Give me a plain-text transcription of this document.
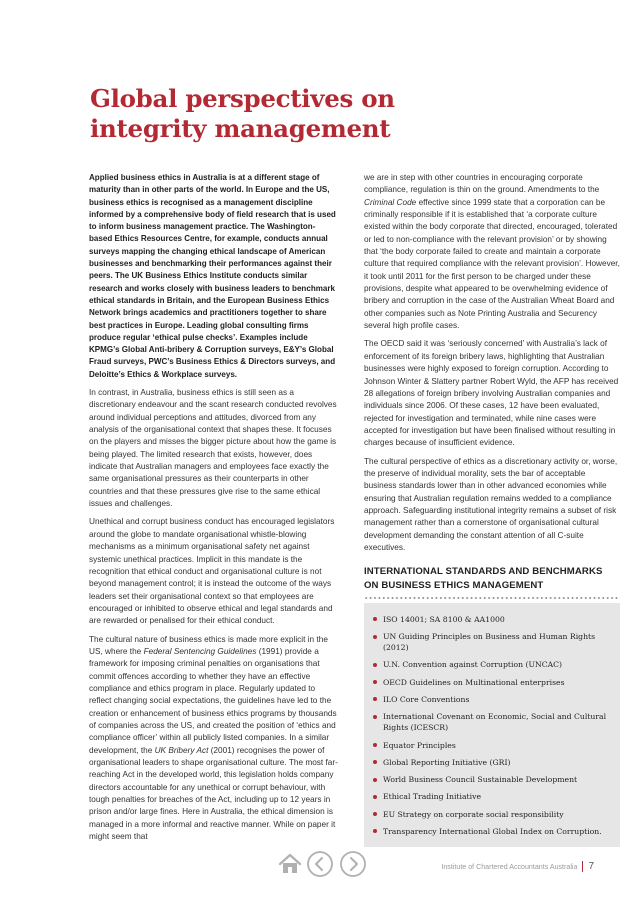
Global perspectives on integrity management

Applied business ethics in Australia is at a different stage of maturity than in other parts of the world. In Europe and the US, business ethics is recognised as a management discipline informed by a comprehensive body of field research that is used to inform business management practice. The Washington-based Ethics Resources Centre, for example, conducts annual surveys mapping the changing ethical landscape of American businesses and benchmarking their performances against their peers. The UK Business Ethics Institute conducts similar research and works closely with business leaders to benchmark ethical standards in Britain, and the European Business Ethics Network brings academics and practitioners together to share best practices in Europe. Leading global consulting firms produce regular ‘ethical pulse checks’. Examples include KPMG’s Global Anti-bribery & Corruption surveys, E&Y’s Global Fraud surveys, PWC’s Business Ethics & Directors surveys, and Deloitte’s Ethics & Workplace surveys.

In contrast, in Australia, business ethics is still seen as a discretionary endeavour and the scant research conducted revolves around individual perceptions and attitudes, divorced from any analysis of the organisational context that shapes these. It focuses on the players and misses the bigger picture about how the game is being played. The limited research that exists, however, does indicate that Australian managers and employees face exactly the same organisational pressures as their counterparts in other countries and that these pressures give rise to the same ethical issues and challenges.

Unethical and corrupt business conduct has encouraged legislators around the globe to mandate organisational whistle-blowing mechanisms as a minimum organisational safety net against systemic unethical practices. Implicit in this mandate is the recognition that ethical conduct and organisational culture is not beyond management control; it is instead the outcome of the ways leaders set their organisational context so that employees are encouraged or inhibited to observe ethical and legal standards and are rewarded or penalised for their ethical conduct.

The cultural nature of business ethics is made more explicit in the US, where the Federal Sentencing Guidelines (1991) provide a framework for imposing criminal penalties on organisations that commit offences according to whether they have an effective compliance and ethics program in place. Regularly updated to reflect changing social expectations, the guidelines have led to the creation or enhancement of business ethics programs by thousands of companies across the US, and created the position of ‘ethics and compliance officer’ within all publicly listed companies. In a similar development, the UK Bribery Act (2001) recognises the power of organisational leaders to shape organisational culture. The most far-reaching Act in the developed world, this legislation holds company directors accountable for any unethical or corrupt behaviour, with tough penalties for breaches of the Act, including up to 12 years in prison and/or large fines. Here in Australia, the ethical dimension is managed in a more informal and reactive manner. While on paper it might seem that

we are in step with other countries in encouraging corporate compliance, regulation is thin on the ground. Amendments to the Criminal Code effective since 1999 state that a corporation can be criminally responsible if it is established that ‘a corporate culture existed within the body corporate that directed, encouraged, tolerated or led to non-compliance with the relevant provision’ or by showing that ‘the body corporate failed to create and maintain a corporate culture that required compliance with the relevant provision’. However, it took until 2011 for the first person to be charged under these provisions, despite what appeared to be overwhelming evidence of bribery and corruption in the case of the Australian Wheat Board and other companies such as Note Printing Australia and Securency several high profile cases.

The OECD said it was ‘seriously concerned’ with Australia’s lack of enforcement of its foreign bribery laws, highlighting that Australian businesses were highly exposed to foreign corruption. According to Johnson Winter & Slattery partner Robert Wyld, the AFP has received 28 allegations of foreign bribery involving Australian companies and individuals since 2006. Of these cases, 12 have been evaluated, rejected for investigation and terminated, while nine cases were accepted for investigation but have been finalised without resulting in charges because of insufficient evidence.

The cultural perspective of ethics as a discretionary activity or, worse, the preserve of individual morality, sets the bar of acceptable business standards lower than in other advanced economies while ensuring that Australian regulation remains wedded to a compliance approach. Safeguarding institutional integrity remains a subset of risk management rather than a cornerstone of organisational cultural development demanding the constant attention of all C-suite executives.

INTERNATIONAL STANDARDS AND BENCHMARKS
ON BUSINESS ETHICS MANAGEMENT
ISO 14001; SA 8100 & AA1000
UN Guiding Principles on Business and Human Rights (2012)
U.N. Convention against Corruption (UNCAC)
OECD Guidelines on Multinational enterprises
ILO Core Conventions
International Covenant on Economic, Social and Cultural Rights (ICESCR)
Equator Principles
Global Reporting Initiative (GRI)
World Business Council Sustainable Development
Ethical Trading Initiative
EU Strategy on corporate social responsibility
Transparency International Global Index on Corruption.
Institute of Chartered Accountants Australia 7
